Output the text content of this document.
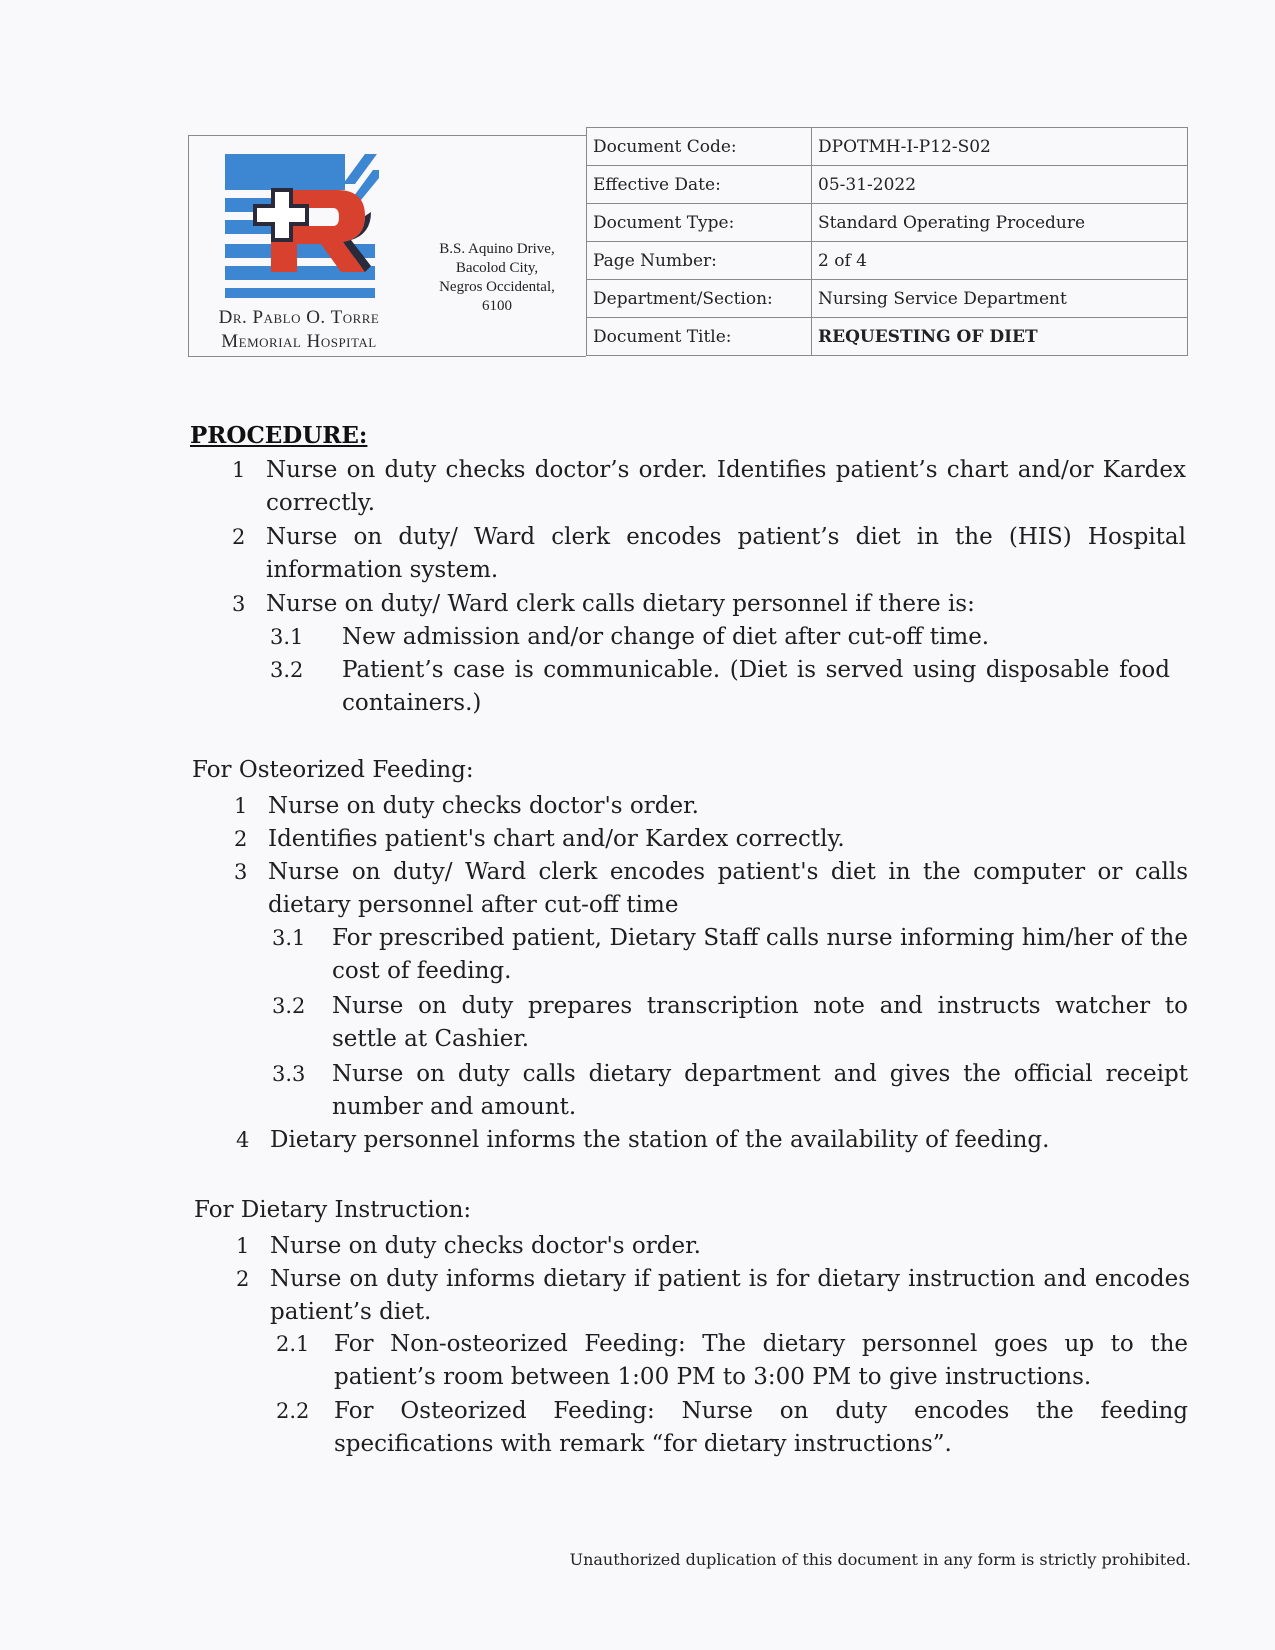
Dr. Pablo O. Torre
Memorial Hospital
B.S. Aquino Drive,
Bacolod City,
Negros Occidental,
6100
Document Code:	DPOTMH-I-P12-S02
Effective Date:	05-31-2022
Document Type:	Standard Operating Procedure
Page Number:	2 of 4
Department/Section:	Nursing Service Department
Document Title:	REQUESTING OF DIET
PROCEDURE:
1 Nurse on duty checks doctor’s order. Identifies patient’s chart and/or Kardex correctly.
2 Nurse on duty/ Ward clerk encodes patient’s diet in the (HIS) Hospital information system.
3 Nurse on duty/ Ward clerk calls dietary personnel if there is:
3.1 New admission and/or change of diet after cut-off time.
3.2 Patient’s case is communicable. (Diet is served using disposable food containers.)
For Osteorized Feeding:
1 Nurse on duty checks doctor's order.
2 Identifies patient's chart and/or Kardex correctly.
3 Nurse on duty/ Ward clerk encodes patient's diet in the computer or calls dietary personnel after cut-off time
3.1 For prescribed patient, Dietary Staff calls nurse informing him/her of the cost of feeding.
3.2 Nurse on duty prepares transcription note and instructs watcher to settle at Cashier.
3.3 Nurse on duty calls dietary department and gives the official receipt number and amount.
4 Dietary personnel informs the station of the availability of feeding.
For Dietary Instruction:
1 Nurse on duty checks doctor's order.
2 Nurse on duty informs dietary if patient is for dietary instruction and encodes patient’s diet.
2.1 For Non-osteorized Feeding: The dietary personnel goes up to the patient’s room between 1:00 PM to 3:00 PM to give instructions.
2.2 For Osteorized Feeding: Nurse on duty encodes the feeding specifications with remark “for dietary instructions”.
Unauthorized duplication of this document in any form is strictly prohibited.
